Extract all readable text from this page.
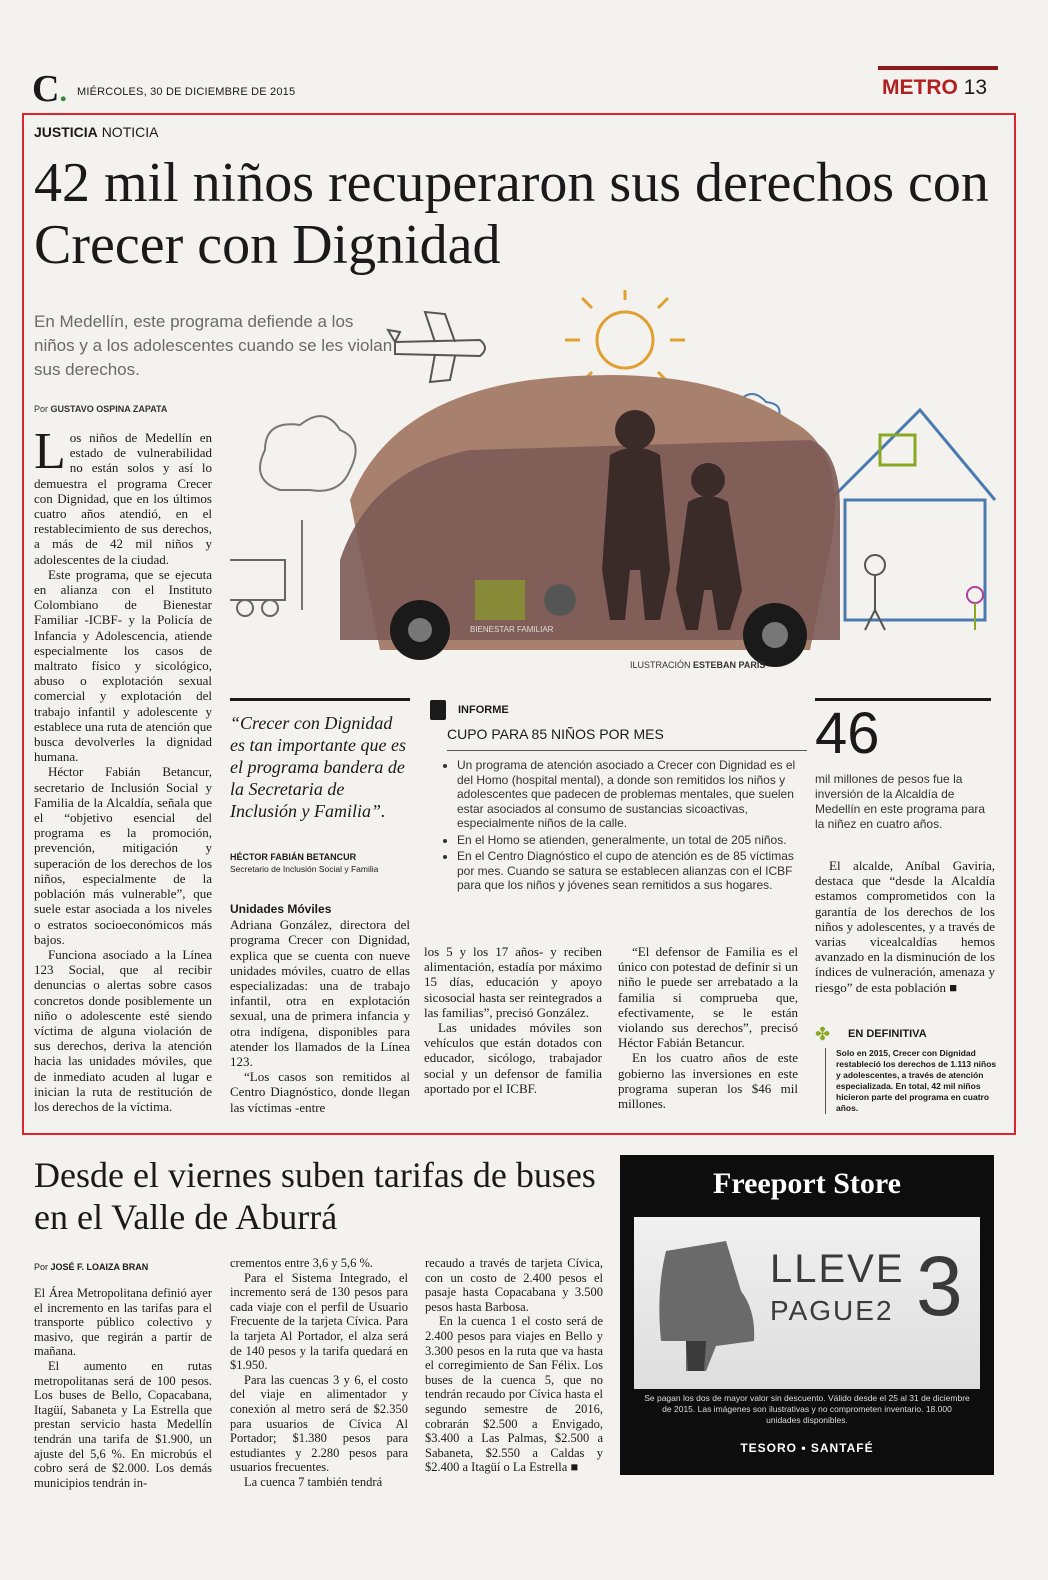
C. MIÉRCOLES, 30 DE DICIEMBRE DE 2015	METRO 13
JUSTICIA NOTICIA
42 mil niños recuperaron sus derechos con Crecer con Dignidad
En Medellín, este programa defiende a los niños y a los adolescentes cuando se les violan sus derechos.
Por GUSTAVO OSPINA ZAPATA
BIENESTAR FAMILIAR
ILUSTRACIÓN ESTEBAN PARÍS

Los niños de Medellín en estado de vulnerabilidad no están solos y así lo demuestra el programa Crecer con Dignidad, que en los últimos cuatro años atendió, en el restablecimiento de sus derechos, a más de 42 mil niños y adolescentes de la ciudad.

Este programa, que se ejecuta en alianza con el Instituto Colombiano de Bienestar Familiar -ICBF- y la Policía de Infancia y Adolescencia, atiende especialmente los casos de maltrato físico y sicológico, abuso o explotación sexual comercial y explotación del trabajo infantil y adolescente y establece una ruta de atención que busca devolverles la dignidad humana.

Héctor Fabián Betancur, secretario de Inclusión Social y Familia de la Alcaldía, señala que el “objetivo esencial del programa es la promoción, prevención, mitigación y superación de los derechos de los niños, especialmente de la población más vulnerable”, que suele estar asociada a los niveles o estratos socioeconómicos más bajos.

Funciona asociado a la Línea 123 Social, que al recibir denuncias o alertas sobre casos concretos donde posiblemente un niño o adolescente esté siendo víctima de alguna violación de sus derechos, deriva la atención hacia las unidades móviles, que de inmediato acuden al lugar e inician la ruta de restitución de los derechos de la víctima.

“Crecer con Dignidad es tan importante que es el programa bandera de la Secretaria de Inclusión y Familia”.
HÉCTOR FABIÁN BETANCUR
Secretario de Inclusión Social y Familia

Unidades Móviles

Adriana González, directora del programa Crecer con Dignidad, explica que se cuenta con nueve unidades móviles, cuatro de ellas especializadas: una de trabajo infantil, otra en explotación sexual, una de primera infancia y otra indígena, disponibles para atender los llamados de la Línea 123.

“Los casos son remitidos al Centro Diagnóstico, donde llegan las víctimas -entre

INFORME
CUPO PARA 85 NIÑOS POR MES
• Un programa de atención asociado a Crecer con Dignidad es el del Homo (hospital mental), a donde son remitidos los niños y adolescentes que padecen de problemas mentales, que suelen estar asociados al consumo de sustancias sicoactivas, especialmente niños de la calle.
• En el Homo se atienden, generalmente, un total de 205 niños.
• En el Centro Diagnóstico el cupo de atención es de 85 víctimas por mes. Cuando se satura se establecen alianzas con el ICBF para que los niños y jóvenes sean remitidos a sus hogares.

los 5 y los 17 años- y reciben alimentación, estadía por máximo 15 días, educación y apoyo sicosocial hasta ser reintegrados a las familias”, precisó González.

Las unidades móviles son vehículos que están dotados con educador, sicólogo, trabajador social y un defensor de familia aportado por el ICBF.

“El defensor de Familia es el único con potestad de definir si un niño le puede ser arrebatado a la familia si comprueba que, efectivamente, se le están violando sus derechos”, precisó Héctor Fabián Betancur.

En los cuatro años de este gobierno las inversiones en este programa superan los $46 mil millones.

46
mil millones de pesos fue la inversión de la Alcaldía de Medellín en este programa para la niñez en cuatro años.

El alcalde, Aníbal Gaviria, destaca que “desde la Alcaldía estamos comprometidos con la garantía de los derechos de los niños y adolescentes, y a través de varias vicealcaldías hemos avanzado en la disminución de los índices de vulneración, amenaza y riesgo” de esta población ■

✤ EN DEFINITIVA
Solo en 2015, Crecer con Dignidad restableció los derechos de 1.113 niños y adolescentes, a través de atención especializada. En total, 42 mil niños hicieron parte del programa en cuatro años.
Desde el viernes suben tarifas de buses en el Valle de Aburrá
Por JOSÉ F. LOAIZA BRAN

El Área Metropolitana definió ayer el incremento en las tarifas para el transporte público colectivo y masivo, que regirán a partir de mañana.

El aumento en rutas metropolitanas será de 100 pesos. Los buses de Bello, Copacabana, Itagüí, Sabaneta y La Estrella que prestan servicio hasta Medellín tendrán una tarifa de $1.900, un ajuste del 5,6 %. En microbús el cobro será de $2.000. Los demás municipios tendrán in-

crementos entre 3,6 y 5,6 %.

Para el Sistema Integrado, el incremento será de 130 pesos para cada viaje con el perfil de Usuario Frecuente de la tarjeta Cívica. Para la tarjeta Al Portador, el alza será de 140 pesos y la tarifa quedará en $1.950.

Para las cuencas 3 y 6, el costo del viaje en alimentador y conexión al metro será de $2.350 para usuarios de Cívica Al Portador; $1.380 pesos para estudiantes y 2.280 pesos para usuarios frecuentes.

La cuenca 7 también tendrá

recaudo a través de tarjeta Cívica, con un costo de 2.400 pesos el pasaje hasta Copacabana y 3.500 pesos hasta Barbosa.

En la cuenca 1 el costo será de 2.400 pesos para viajes en Bello y 3.300 pesos en la ruta que va hasta el corregimiento de San Félix. Los buses de la cuenca 5, que no tendrán recaudo por Cívica hasta el segundo semestre de 2016, cobrarán $2.500 a Envigado, $3.400 a Las Palmas, $2.500 a Sabaneta, $2.550 a Caldas y $2.400 a Itagüí o La Estrella ■

Freeport Store
LLEVE
PAGUE2 3
Se pagan los dos de mayor valor sin descuento. Válido desde el 25 al 31 de diciembre de 2015. Las imágenes son ilustrativas y no comprometen inventario. 18.000 unidades disponibles.
TESORO • SANTAFÉ
